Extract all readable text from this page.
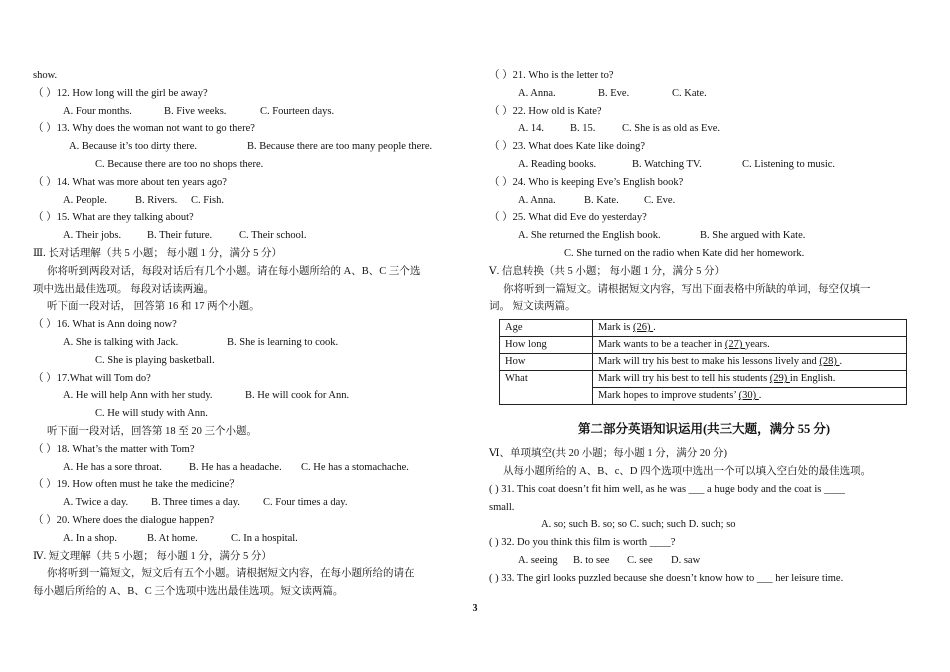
show.
（ ）12. How long will the girl be away?
A. Four months.	B. Five weeks.	C. Fourteen days.
（ ）13. Why does the woman not want to go there?
A. Because it’s too dirty there.	B. Because there are too many people there.
C. Because there are too no shops there.
（ ）14. What was more about ten years ago?
A. People.	B. Rivers. C. Fish.
（ ）15. What are they talking about?
A. Their jobs. B. Their future.	C. Their school.
Ⅲ. 长对话理解（共 5 小题； 每小题 1 分，满分 5 分）
你将听到两段对话，每段对话后有几个小题。请在每小题所给的 A、B、C 三个选
项中选出最佳选项。 每段对话读两遍。
听下面一段对话， 回答第 16 和 17 两个小题。
（ ）16. What is Ann doing now?
A. She is talking with Jack.	B. She is learning to cook.
C. She is playing basketball.
（ ）17.What will Tom do?
A. He will help Ann with her study.	B. He will cook for Ann.
C. He will study with Ann.
听下面一段对话，回答第 18 至 20 三个小题。
（ ）18. What’s the matter with Tom?
A. He has a sore throat.	B. He has a headache. C. He has a stomachache.
（ ）19. How often must he take the medicine？
A. Twice a day. B. Three times a day. C. Four times a day.
（ ）20. Where does the dialogue happen?
A. In a shop.	B. At home.	C. In a hospital.
Ⅳ. 短文理解（共 5 小题； 每小题 1 分，满分 5 分）
你将听到一篇短文，短文后有五个小题。请根据短文内容，在每小题所给的请在
每小题后所给的 A、B、C 三个选项中选出最佳选项。短文读两篇。
（ ）21. Who is the letter to?
A. Anna.	B. Eve.	C. Kate.
（ ）22. How old is Kate?
A. 14. B. 15.	C. She is as old as Eve.
（ ）23. What does Kate like doing?
A. Reading books.	B. Watching TV.	C. Listening to music.
（ ）24. Who is keeping Eve’s English book?
A. Anna.	B. Kate. C. Eve.
（ ）25. What did Eve do yesterday?
A. She returned the English book.	B. She argued with Kate.
C. She turned on the radio when Kate did her homework.
Ⅴ. 信息转换（共 5 小题； 每小题 1 分，满分 5 分）
你将听到一篇短文。请根据短文内容，写出下面表格中所缺的单词，每空仅填一
词。 短文读两篇。
Age	Mark is (26) .
How long	Mark wants to be a teacher in (27) years.
How	Mark will try his best to make his lessons lively and (28) .
What	Mark will try his best to tell his students (29) in English.
	Mark hopes to improve students’ (30) .
第二部分英语知识运用(共三大题，满分 55 分)
Ⅵ、单项填空(共 20 小题；每小题 1 分，满分 20 分)
从每小题所给的 A、B、c、D 四个选项中选出一个可以填入空白处的最佳选项。
( ) 31. This coat doesn’t fit him well, as he was ___ a huge body and the coat is ____
small.
A. so; such B. so; so C. such; such D. such; so
( ) 32. Do you think this film is worth ____?
A. seeing B. to see C. see D. saw
( ) 33. The girl looks puzzled because she doesn’t know how to ___ her leisure time.
3
